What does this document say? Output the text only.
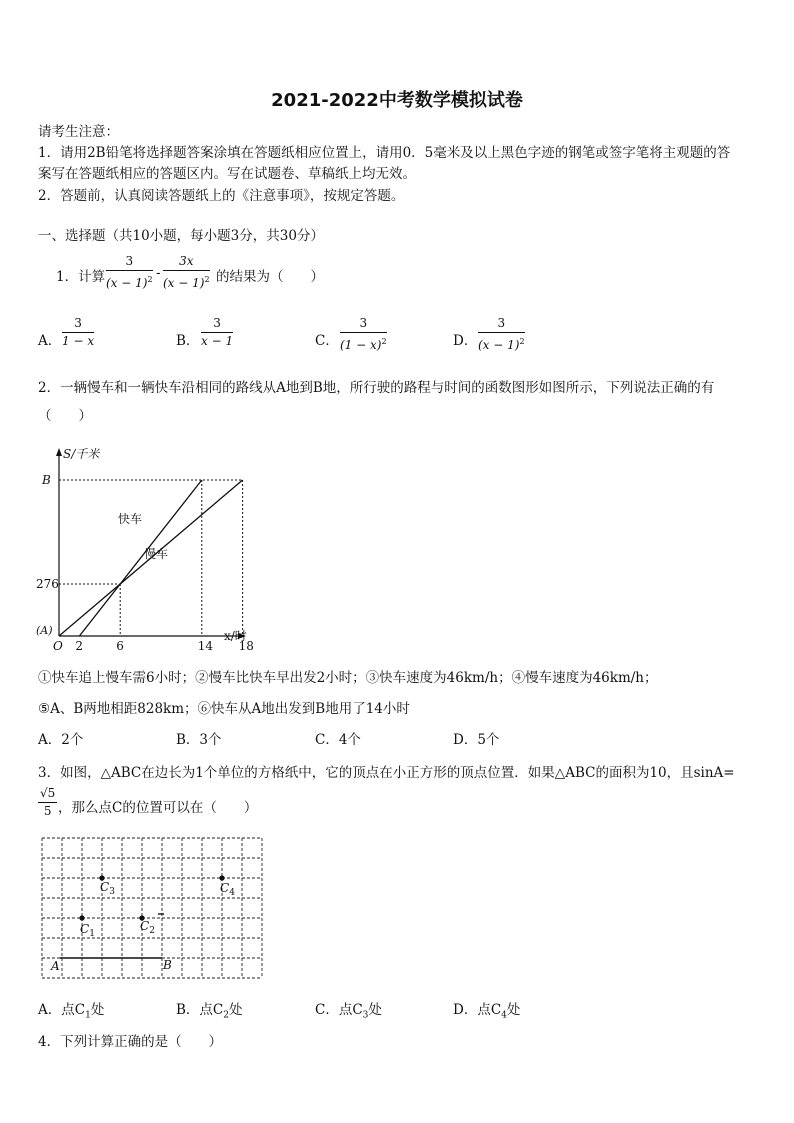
2021-2022中考数学模拟试卷
请考生注意：
1．请用2B铅笔将选择题答案涂填在答题纸相应位置上，请用0．5毫米及以上黑色字迹的钢笔或签字笔将主观题的答
案写在答题纸相应的答题区内。写在试题卷、草稿纸上均无效。
2．答题前，认真阅读答题纸上的《注意事项》，按规定答题。
一、选择题（共10小题，每小题3分，共30分）
1．计算 $\frac{3}{(x - 1)^2} - \frac{3x}{(x - 1)^2}$ 的结果为（　　）
A． $\frac{3}{1 - x}$	B． $\frac{3}{x - 1}$	C． $\frac{3}{(1 - x)^2}$	D． $\frac{3}{(x - 1)^2}$
2．一辆慢车和一辆快车沿相同的路线从A地到B地，所行驶的路程与时间的函数图形如图所示，下列说法正确的有
（　　）
2	6	14 18
276
B
(A)
O
S/千米
x/时
快车
慢车
①快车追上慢车需6小时；②慢车比快车早出发2小时；③快车速度为46km/h；④慢车速度为46km/h；
⑤A、B两地相距828km；⑥快车从A地出发到B地用了14小时
A．2个	B．3个	C．4个	D．5个
3．如图，△ABC在边长为1个单位的方格纸中，它的顶点在小正方形的顶点位置．如果△ABC的面积为10，且sinA=
$\frac{√5}{5}$ ，那么点C的位置可以在（　　）
A	B
$C_3$	$C_4$
$C_1$
$C_2$
A．点$C_1$处	B．点$C_2$处	C．点$C_3$处	D．点$C_4$处
4．下列计算正确的是（　　）
